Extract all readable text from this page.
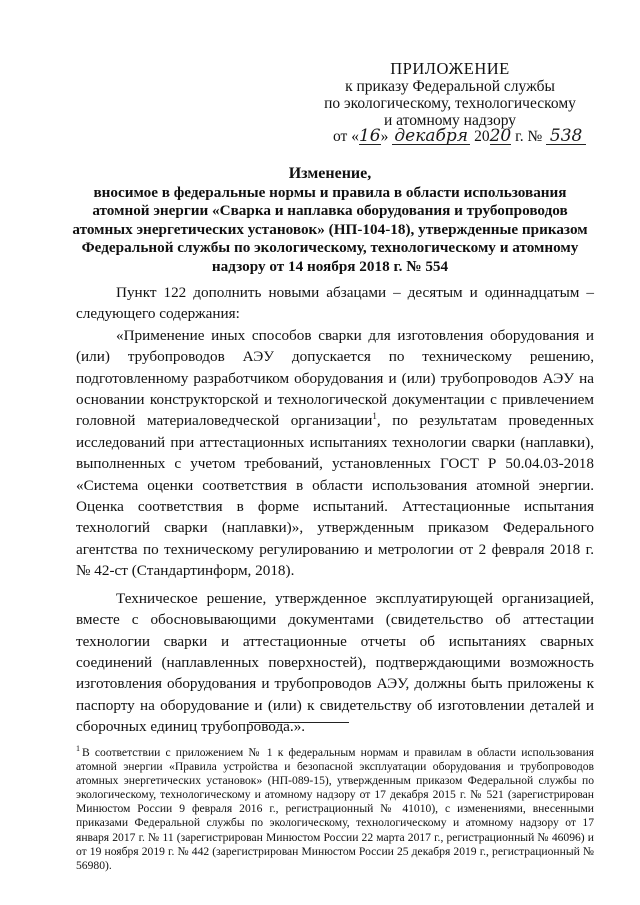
ПРИЛОЖЕНИЕ
к приказу Федеральной службы
по экологическому, технологическому
и атомному надзору
от «16» декабря 2020 г. № 538
Изменение,
вносимое в федеральные нормы и правила в области использования
атомной энергии «Сварка и наплавка оборудования и трубопроводов
атомных энергетических установок» (НП-104-18), утвержденные приказом
Федеральной службы по экологическому, технологическому и атомному
надзору от 14 ноября 2018 г. № 554

Пункт 122 дополнить новыми абзацами – десятым и одиннадцатым – следующего содержания:

«Применение иных способов сварки для изготовления оборудования и (или) трубопроводов АЭУ допускается по техническому решению, подготовленному разработчиком оборудования и (или) трубопроводов АЭУ на основании конструкторской и технологической документации с привлечением головной материаловедческой организации$^1$, по результатам проведенных исследований при аттестационных испытаниях технологии сварки (наплавки), выполненных с учетом требований, установленных ГОСТ Р 50.04.03-2018 «Система оценки соответствия в области использования атомной энергии. Оценка соответствия в форме испытаний. Аттестационные испытания технологий сварки (наплавки)», утвержденным приказом Федерального агентства по техническому регулированию и метрологии от 2 февраля 2018 г. № 42-ст (Стандартинформ, 2018).

Техническое решение, утвержденное эксплуатирующей организацией, вместе с обосновывающими документами (свидетельство об аттестации технологии сварки и аттестационные отчеты об испытаниях сварных соединений (наплавленных поверхностей), подтверждающими возможность изготовления оборудования и трубопроводов АЭУ, должны быть приложены к паспорту на оборудование и (или) к свидетельству об изготовлении деталей и сборочных единиц трубопровода.».

$^1$ В соответствии с приложением № 1 к федеральным нормам и правилам в области использования атомной энергии «Правила устройства и безопасной эксплуатации оборудования и трубопроводов атомных энергетических установок» (НП-089-15), утвержденным приказом Федеральной службы по экологическому, технологическому и атомному надзору от 17 декабря 2015 г. № 521 (зарегистрирован Минюстом России 9 февраля 2016 г., регистрационный № 41010), с изменениями, внесенными приказами Федеральной службы по экологическому, технологическому и атомному надзору от 17 января 2017 г. № 11 (зарегистрирован Минюстом России 22 марта 2017 г., регистрационный № 46096) и от 19 ноября 2019 г. № 442 (зарегистрирован Минюстом России 25 декабря 2019 г., регистрационный № 56980).
